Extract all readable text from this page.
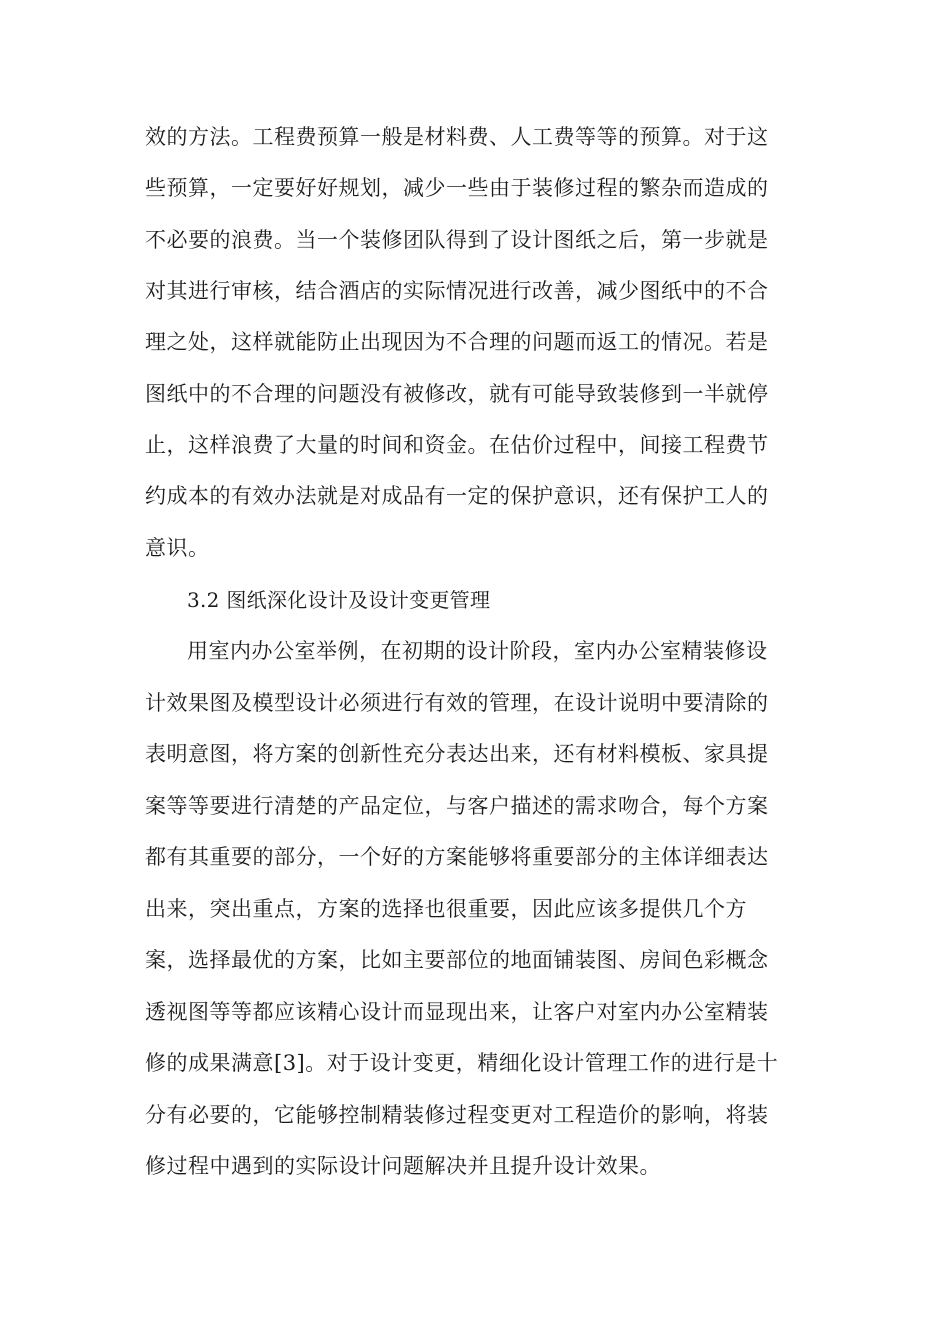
效的方法。工程费预算一般是材料费、人工费等等的预算。对于这
些预算，一定要好好规划，减少一些由于装修过程的繁杂而造成的
不必要的浪费。当一个装修团队得到了设计图纸之后，第一步就是
对其进行审核，结合酒店的实际情况进行改善，减少图纸中的不合
理之处，这样就能防止出现因为不合理的问题而返工的情况。若是
图纸中的不合理的问题没有被修改，就有可能导致装修到一半就停
止，这样浪费了大量的时间和资金。在估价过程中，间接工程费节
约成本的有效办法就是对成品有一定的保护意识，还有保护工人的
意识。
3.2 图纸深化设计及设计变更管理
用室内办公室举例，在初期的设计阶段，室内办公室精装修设
计效果图及模型设计必须进行有效的管理，在设计说明中要清除的
表明意图，将方案的创新性充分表达出来，还有材料模板、家具提
案等等要进行清楚的产品定位，与客户描述的需求吻合，每个方案
都有其重要的部分，一个好的方案能够将重要部分的主体详细表达
出来，突出重点，方案的选择也很重要，因此应该多提供几个方
案，选择最优的方案，比如主要部位的地面铺装图、房间色彩概念
透视图等等都应该精心设计而显现出来，让客户对室内办公室精装
修的成果满意[3]。对于设计变更，精细化设计管理工作的进行是十
分有必要的，它能够控制精装修过程变更对工程造价的影响，将装
修过程中遇到的实际设计问题解决并且提升设计效果。
